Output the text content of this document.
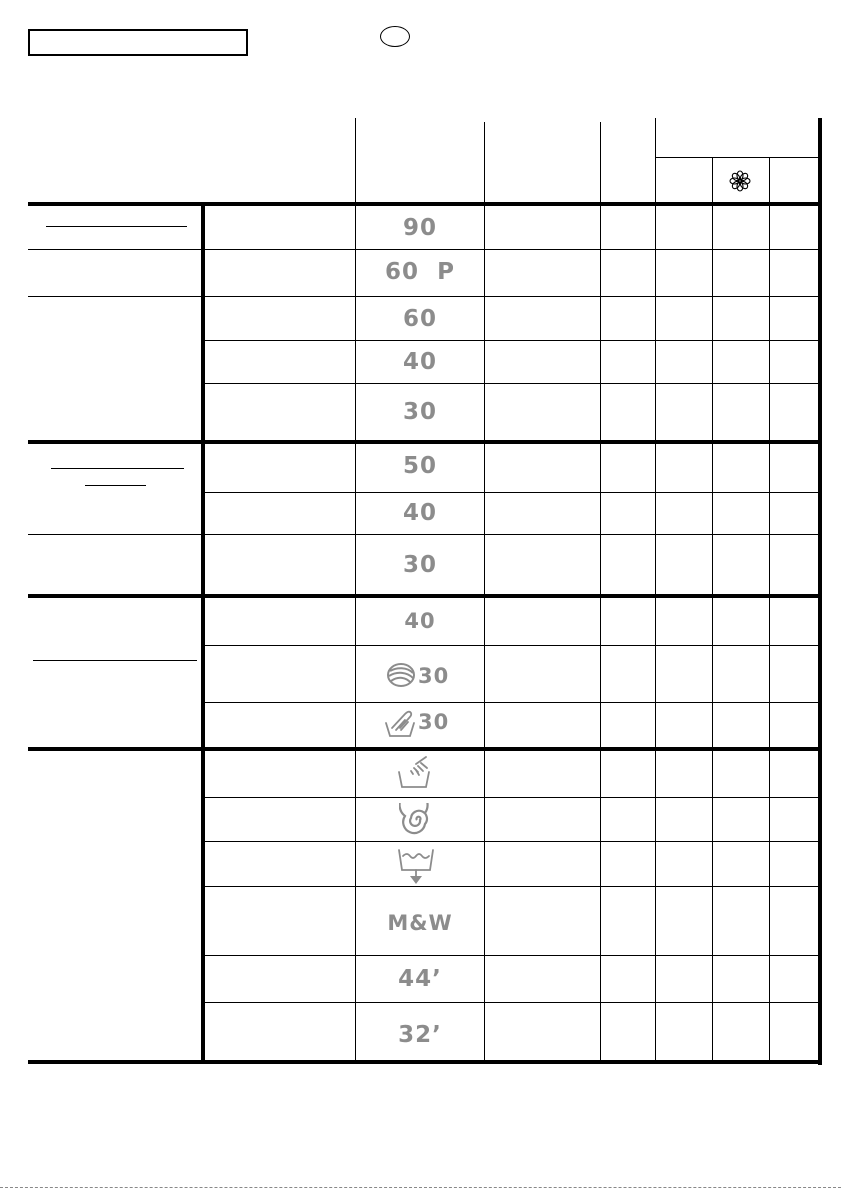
90
60  P
60
40
30
50
40
30
40
30
30
M&W
44’
32’
